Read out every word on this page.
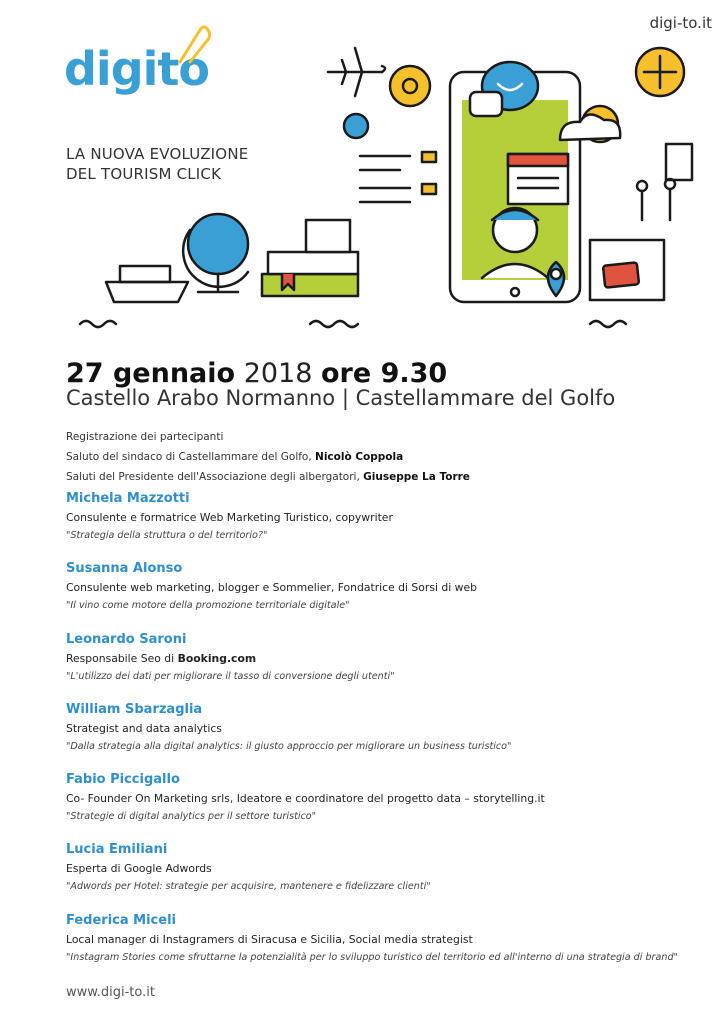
digi-to.it
digito
LA NUOVA EVOLUZIONE
DEL TOURISM CLICK
27 gennaio 2018 ore 9.30
Castello Arabo Normanno | Castellammare del Golfo
Registrazione dei partecipanti
Saluto del sindaco di Castellammare del Golfo, Nicolò Coppola
Saluti del Presidente dell'Associazione degli albergatori, Giuseppe La Torre
Michela Mazzotti
Consulente e formatrice Web Marketing Turistico, copywriter
"Strategia della struttura o del territorio?"
Susanna Alonso
Consulente web marketing, blogger e Sommelier, Fondatrice di Sorsi di web
"Il vino come motore della promozione territoriale digitale"
Leonardo Saroni
Responsabile Seo di Booking.com
"L'utilizzo dei dati per migliorare il tasso di conversione degli utenti"
William Sbarzaglia
Strategist and data analytics
"Dalla strategia alla digital analytics: il giusto approccio per migliorare un business turistico"
Fabio Piccigallo
Co- Founder On Marketing srls, Ideatore e coordinatore del progetto data – storytelling.it
"Strategie di digital analytics per il settore turistico"
Lucia Emiliani
Esperta di Google Adwords
"Adwords per Hotel: strategie per acquisire, mantenere e fidelizzare clienti"
Federica Miceli
Local manager di Instagramers di Siracusa e Sicilia, Social media strategist
"Instagram Stories come sfruttarne la potenzialità per lo sviluppo turistico del territorio ed all'interno di una strategia di brand"
www.digi-to.it
